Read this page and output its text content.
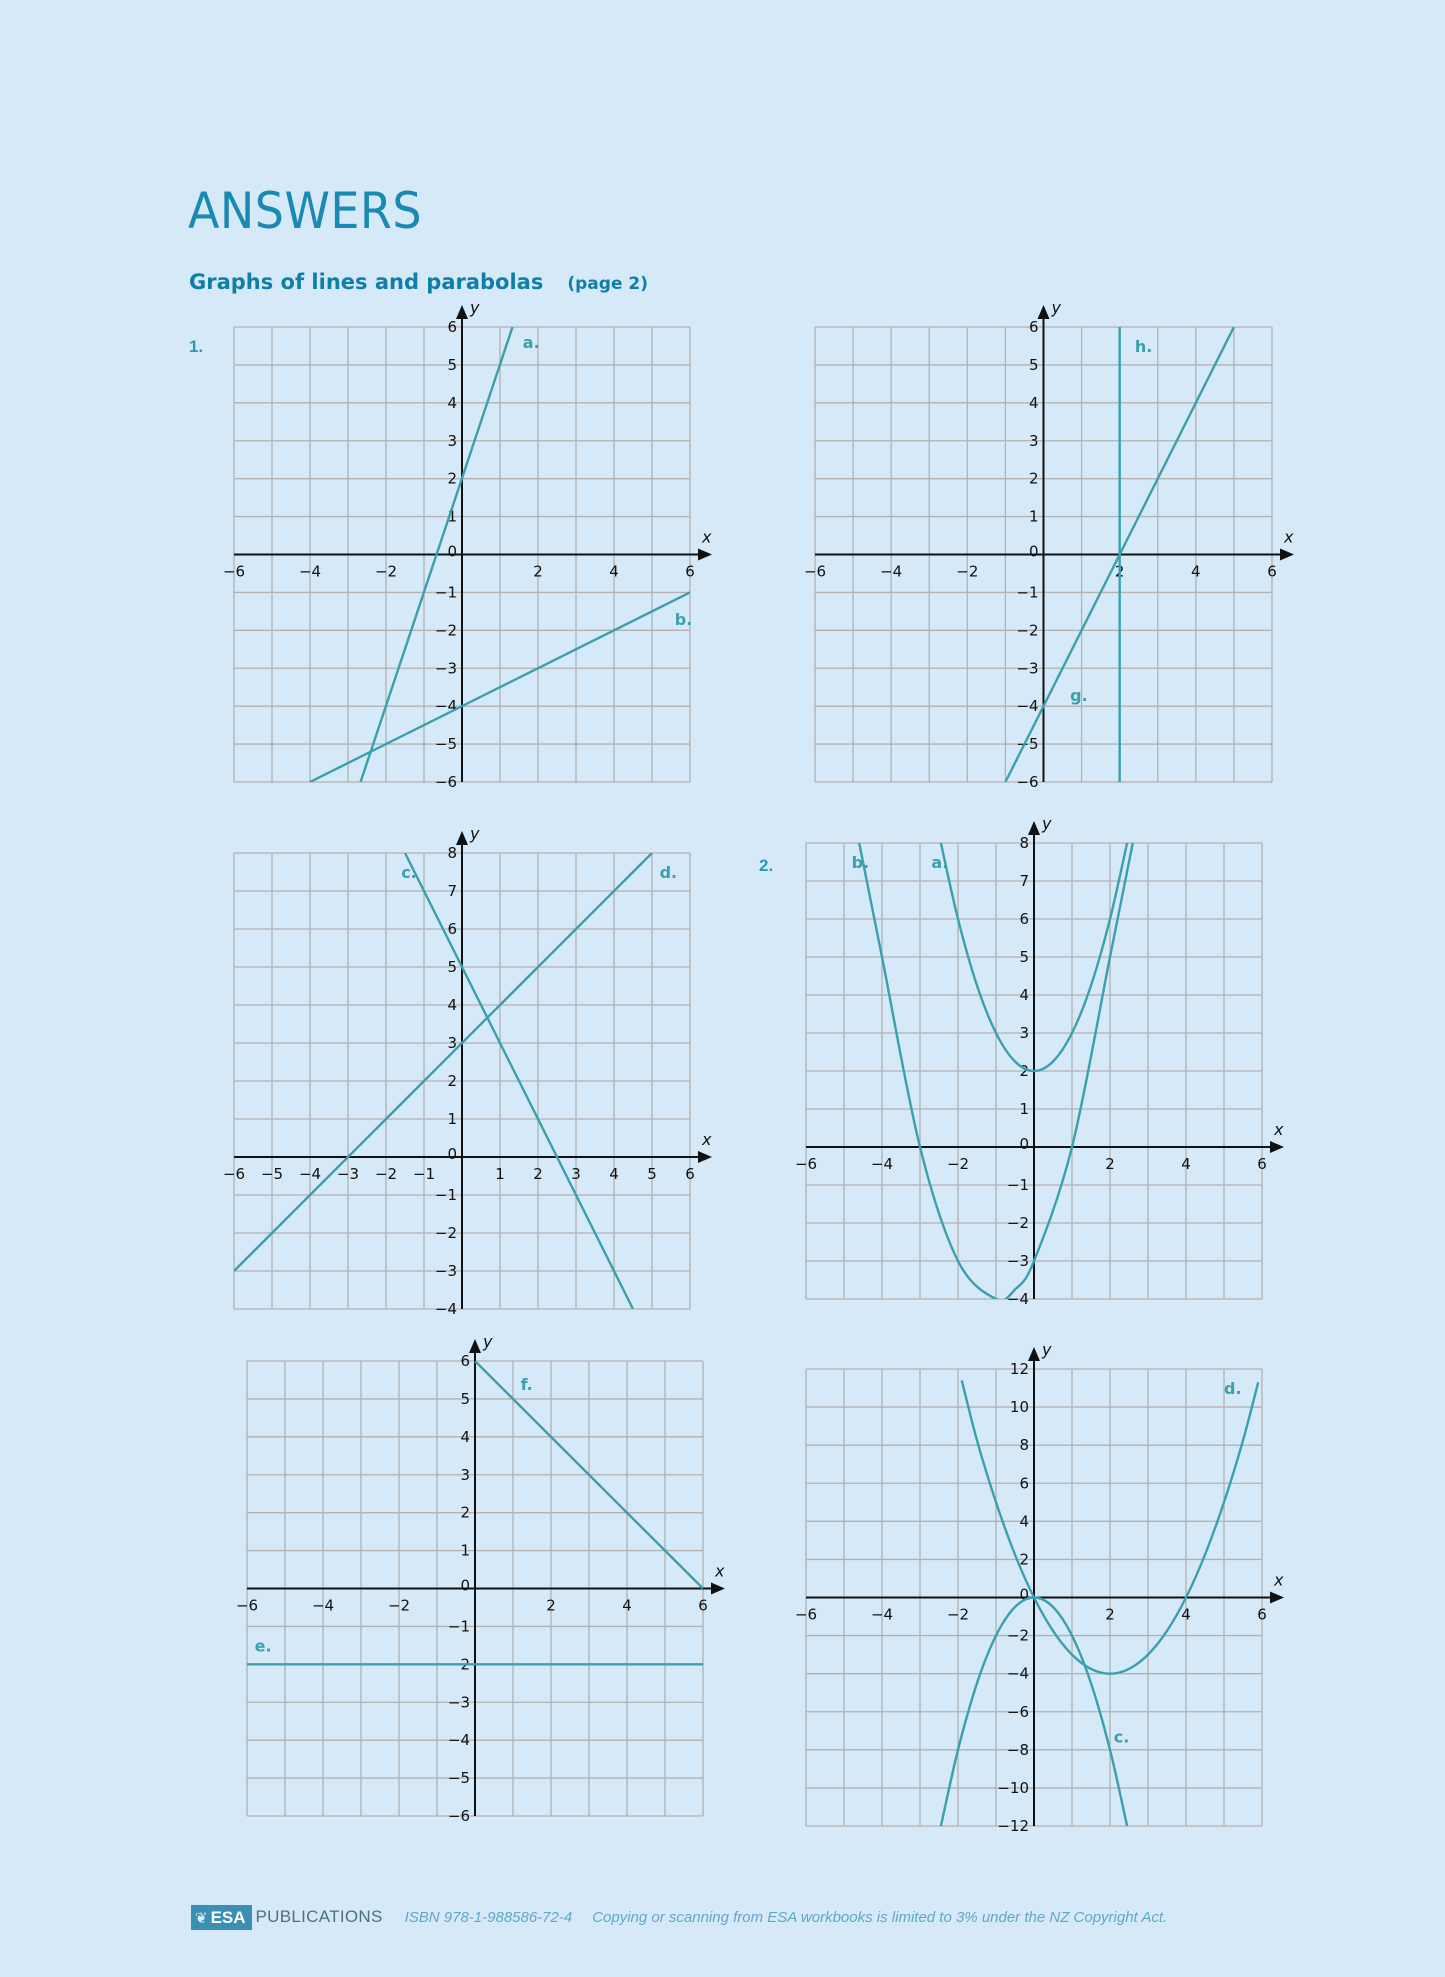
ANSWERS
Graphs of lines and parabolas (page 2)
1.
2.
x
y
−6	−4	−2	2	4	6
−6
−5
−4
−3
−2
−1
0
1
2
3
4
5
6
a.
b.
x
y
−6	−4	−2	2	4	6
−6
−5
−4
−3
−2
−1
0
1
2
3
4
5
6
h.
g.
x
y
−6 −5 −4 −3 −2 −1	1 2 3 4 5 6
−4
−3
−2
−1
0
1
2
3
4
5
6
7
8
c.	d.
x
y
−6	−4	−2	2	4	6
−4
−3
−2
−1
0
1
2
3
4
5
6
7
8
a.
b.
x
y
−6	−4	−2	2	4	6
−6
−5
−4
−3
−2
−1
0
1
2
3
4
5
6
e.
f.
x
y
−6	−4	−2	2	4	6
−12
−10
−8
−6
−4
−2
0
2
4
6
8
10
12
c.
d.
❦ ESA PUBLICATIONS ISBN 978-1-988586-72-4 Copying or scanning from ESA workbooks is limited to 3% under the NZ Copyright Act.
